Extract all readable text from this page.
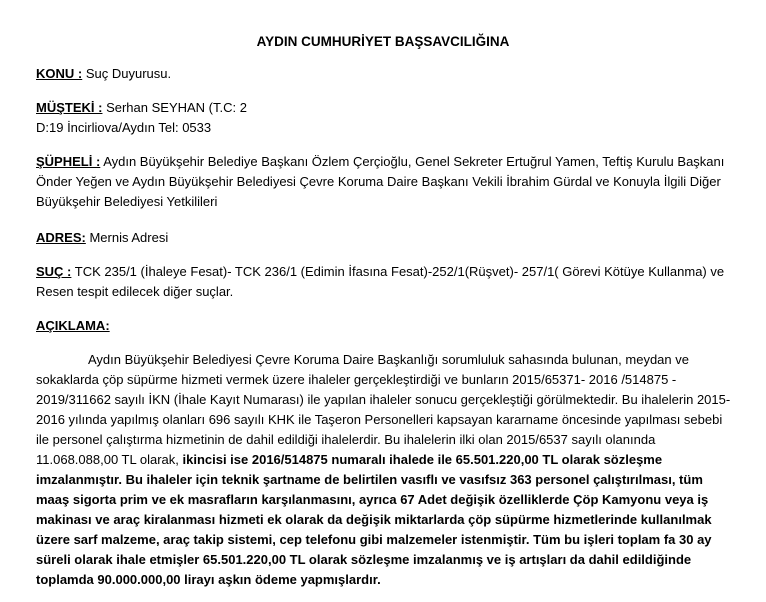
AYDIN CUMHURİYET BAŞSAVCILIĞINA
KONU : Suç Duyurusu.
MÜŞTEKİ : Serhan SEYHAN (T.C: 2
D:19 İncirliova/Aydın Tel: 0533
ŞÜPHELİ : Aydın Büyükşehir Belediye Başkanı Özlem Çerçioğlu, Genel Sekreter Ertuğrul Yamen, Teftiş Kurulu Başkanı Önder Yeğen ve Aydın Büyükşehir Belediyesi Çevre Koruma Daire Başkanı Vekili İbrahim Gürdal ve Konuyla İlgili Diğer Büyükşehir Belediyesi Yetkilileri
ADRES: Mernis Adresi
SUÇ : TCK 235/1 (İhaleye Fesat)- TCK 236/1 (Edimin İfasına Fesat)-252/1(Rüşvet)- 257/1( Görevi Kötüye Kullanma) ve Resen tespit edilecek diğer suçlar.
AÇIKLAMA:
Aydın Büyükşehir Belediyesi Çevre Koruma Daire Başkanlığı sorumluluk sahasında bulunan, meydan ve sokaklarda çöp süpürme hizmeti vermek üzere ihaleler gerçekleştirdiği ve bunların 2015/65371- 2016 /514875 - 2019/311662 sayılı İKN (İhale Kayıt Numarası) ile yapılan ihaleler sonucu gerçekleştiği görülmektedir. Bu ihalelerin 2015-2016 yılında yapılmış olanları 696 sayılı KHK ile Taşeron Personelleri kapsayan kararname öncesinde yapılması sebebi ile personel çalıştırma hizmetinin de dahil edildiği ihalelerdir. Bu ihalelerin ilki olan 2015/6537 sayılı olanında 11.068.088,00 TL olarak, ikincisi ise 2016/514875 numaralı ihalede ile 65.501.220,00 TL olarak sözleşme imzalanmıştır. Bu ihaleler için teknik şartname de belirtilen vasıflı ve vasıfsız 363 personel çalıştırılması, tüm maaş sigorta prim ve ek masrafların karşılanmasını, ayrıca 67 Adet değişik özelliklerde Çöp Kamyonu veya iş makinası ve araç kiralanması hizmeti ek olarak da değişik miktarlarda çöp süpürme hizmetlerinde kullanılmak üzere sarf malzeme, araç takip sistemi, cep telefonu gibi malzemeler istenmiştir. Tüm bu işleri toplam fa 30 ay süreli olarak ihale etmişler 65.501.220,00 TL olarak sözleşme imzalanmış ve iş artışları da dahil edildiğinde toplamda 90.000.000,00 lirayı aşkın ödeme yapmışlardır.
